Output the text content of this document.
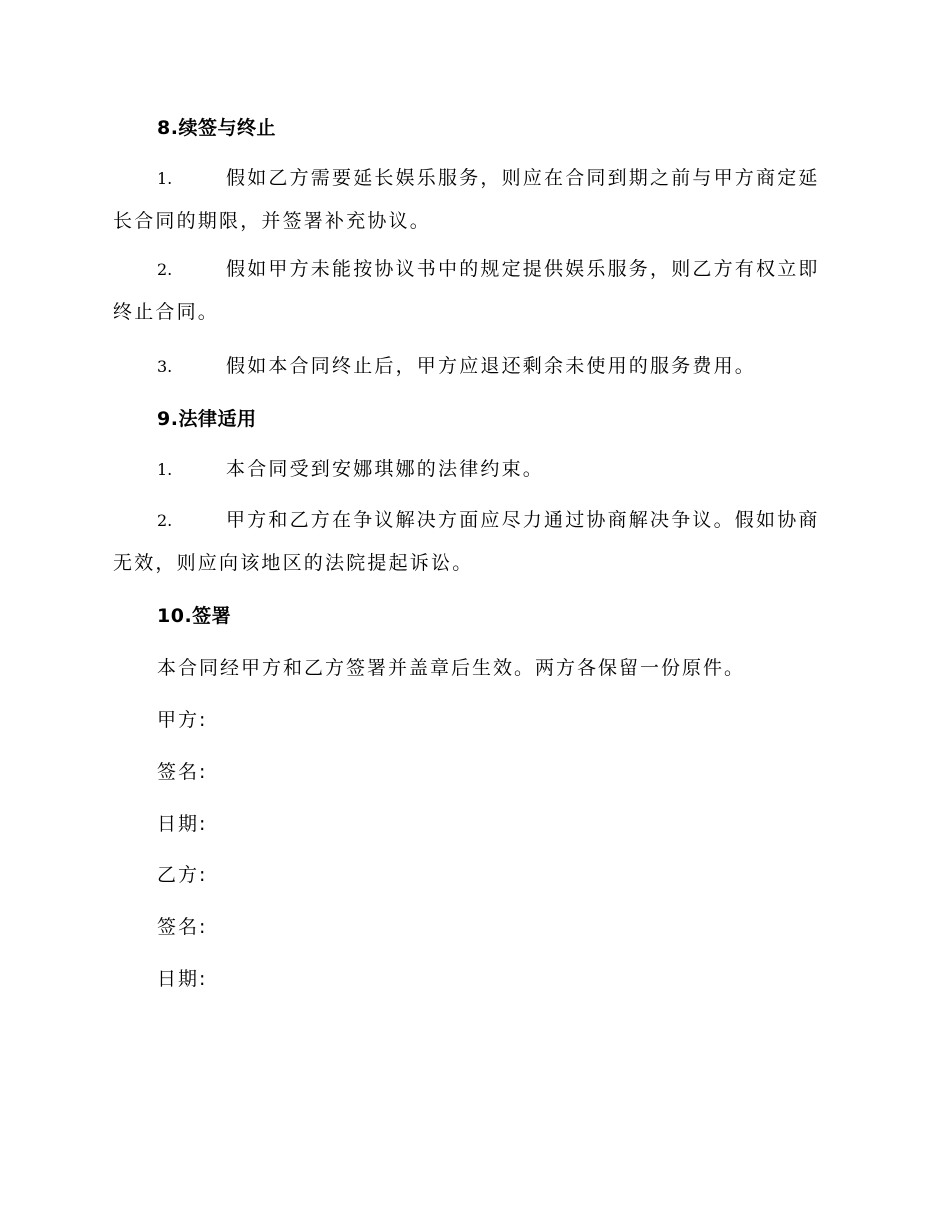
8.续签与终止
1.	假如乙方需要延长娱乐服务，则应在合同到期之前与甲方商定延长合同的期限，并签署补充协议。
2.	假如甲方未能按协议书中的规定提供娱乐服务，则乙方有权立即终止合同。
3.	假如本合同终止后，甲方应退还剩余未使用的服务费用。
9.法律适用
1.	本合同受到安娜琪娜的法律约束。
2.	甲方和乙方在争议解决方面应尽力通过协商解决争议。假如协商无效，则应向该地区的法院提起诉讼。
10.签署
本合同经甲方和乙方签署并盖章后生效。两方各保留一份原件。
甲方:
签名:
日期:
乙方:
签名:
日期:
